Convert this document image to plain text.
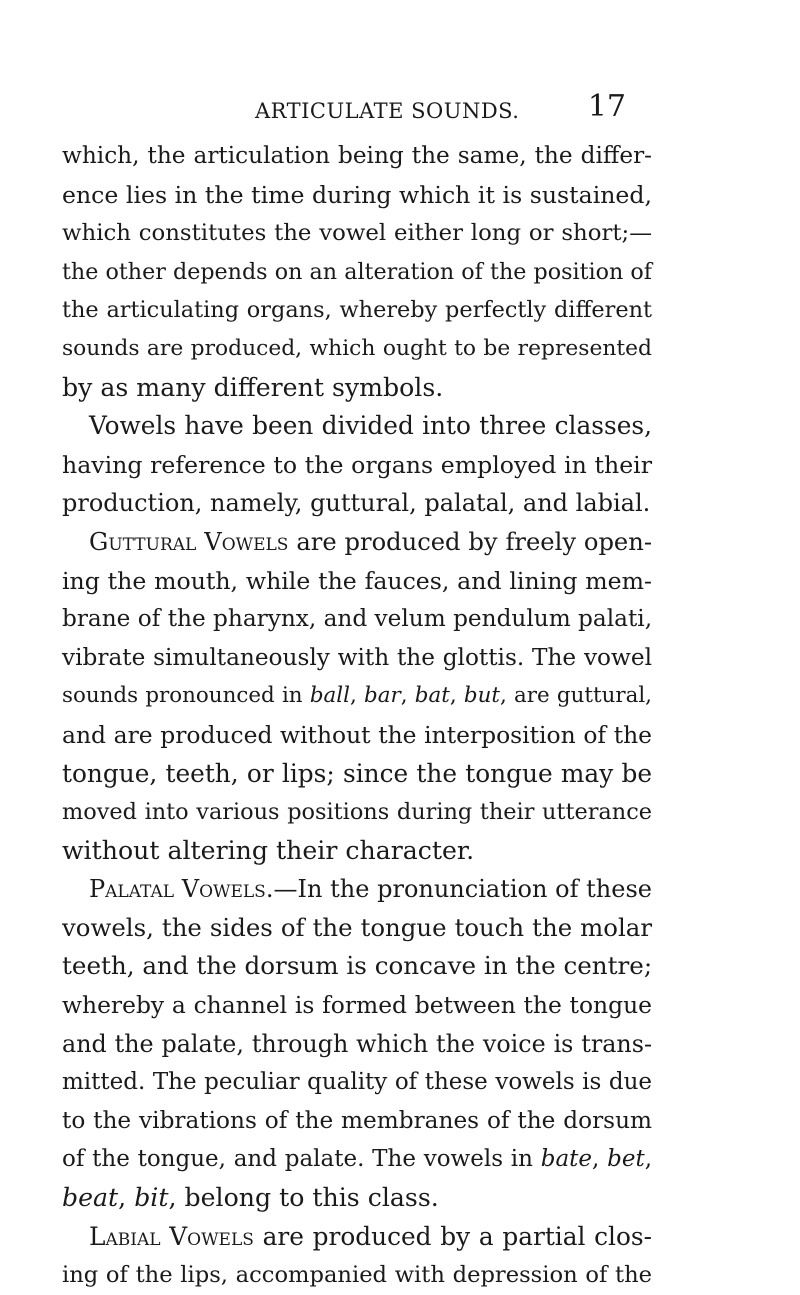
ARTICULATE SOUNDS. 17
which, the articulation being the same, the differ-
ence lies in the time during which it is sustained,
which constitutes the vowel either long or short;—
the other depends on an alteration of the position of
the articulating organs, whereby perfectly different
sounds are produced, which ought to be represented
by as many different symbols.
Vowels have been divided into three classes,
having reference to the organs employed in their
production, namely, guttural, palatal, and labial.
Guttural Vowels are produced by freely open-
ing the mouth, while the fauces, and lining mem-
brane of the pharynx, and velum pendulum palati,
vibrate simultaneously with the glottis. The vowel
sounds pronounced in ball, bar, bat, but, are guttural,
and are produced without the interposition of the
tongue, teeth, or lips; since the tongue may be
moved into various positions during their utterance
without altering their character.
Palatal Vowels.—In the pronunciation of these
vowels, the sides of the tongue touch the molar
teeth, and the dorsum is concave in the centre;
whereby a channel is formed between the tongue
and the palate, through which the voice is trans-
mitted. The peculiar quality of these vowels is due
to the vibrations of the membranes of the dorsum
of the tongue, and palate. The vowels in bate, bet,
beat, bit, belong to this class.
Labial Vowels are produced by a partial clos-
ing of the lips, accompanied with depression of the
